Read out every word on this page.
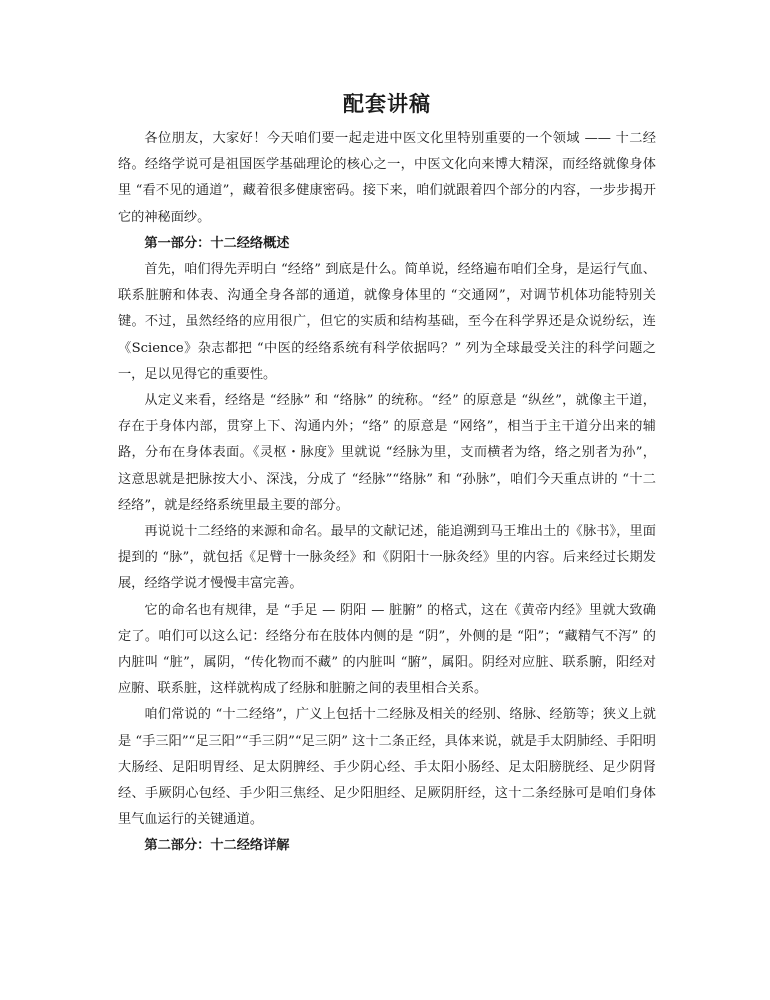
配套讲稿

各位朋友，大家好！今天咱们要一起走进中医文化里特别重要的一个领域 —— 十二经络。经络学说可是祖国医学基础理论的核心之一，中医文化向来博大精深，而经络就像身体里 “看不见的通道”，藏着很多健康密码。接下来，咱们就跟着四个部分的内容，一步步揭开它的神秘面纱。

第一部分：十二经络概述

首先，咱们得先弄明白 “经络” 到底是什么。简单说，经络遍布咱们全身，是运行气血、联系脏腑和体表、沟通全身各部的通道，就像身体里的 “交通网”，对调节机体功能特别关键。不过，虽然经络的应用很广，但它的实质和结构基础，至今在科学界还是众说纷纭，连《Science》杂志都把 “中医的经络系统有科学依据吗？” 列为全球最受关注的科学问题之一，足以见得它的重要性。

从定义来看，经络是 “经脉” 和 “络脉” 的统称。“经” 的原意是 “纵丝”，就像主干道，存在于身体内部，贯穿上下、沟通内外；“络” 的原意是 “网络”，相当于主干道分出来的辅路，分布在身体表面。《灵枢・脉度》里就说 “经脉为里，支而横者为络，络之别者为孙”，这意思就是把脉按大小、深浅，分成了 “经脉”“络脉” 和 “孙脉”，咱们今天重点讲的 “十二经络”，就是经络系统里最主要的部分。

再说说十二经络的来源和命名。最早的文献记述，能追溯到马王堆出土的《脉书》，里面提到的 “脉”，就包括《足臂十一脉灸经》和《阴阳十一脉灸经》里的内容。后来经过长期发展，经络学说才慢慢丰富完善。

它的命名也有规律，是 “手足 — 阴阳 — 脏腑” 的格式，这在《黄帝内经》里就大致确定了。咱们可以这么记：经络分布在肢体内侧的是 “阴”，外侧的是 “阳”；“藏精气不泻” 的内脏叫 “脏”，属阴，“传化物而不藏” 的内脏叫 “腑”，属阳。阴经对应脏、联系腑，阳经对应腑、联系脏，这样就构成了经脉和脏腑之间的表里相合关系。

咱们常说的 “十二经络”，广义上包括十二经脉及相关的经别、络脉、经筋等；狭义上就是 “手三阳”“足三阳”“手三阴”“足三阴” 这十二条正经，具体来说，就是手太阴肺经、手阳明大肠经、足阳明胃经、足太阴脾经、手少阴心经、手太阳小肠经、足太阳膀胱经、足少阴肾经、手厥阴心包经、手少阳三焦经、足少阳胆经、足厥阴肝经，这十二条经脉可是咱们身体里气血运行的关键通道。

第二部分：十二经络详解
